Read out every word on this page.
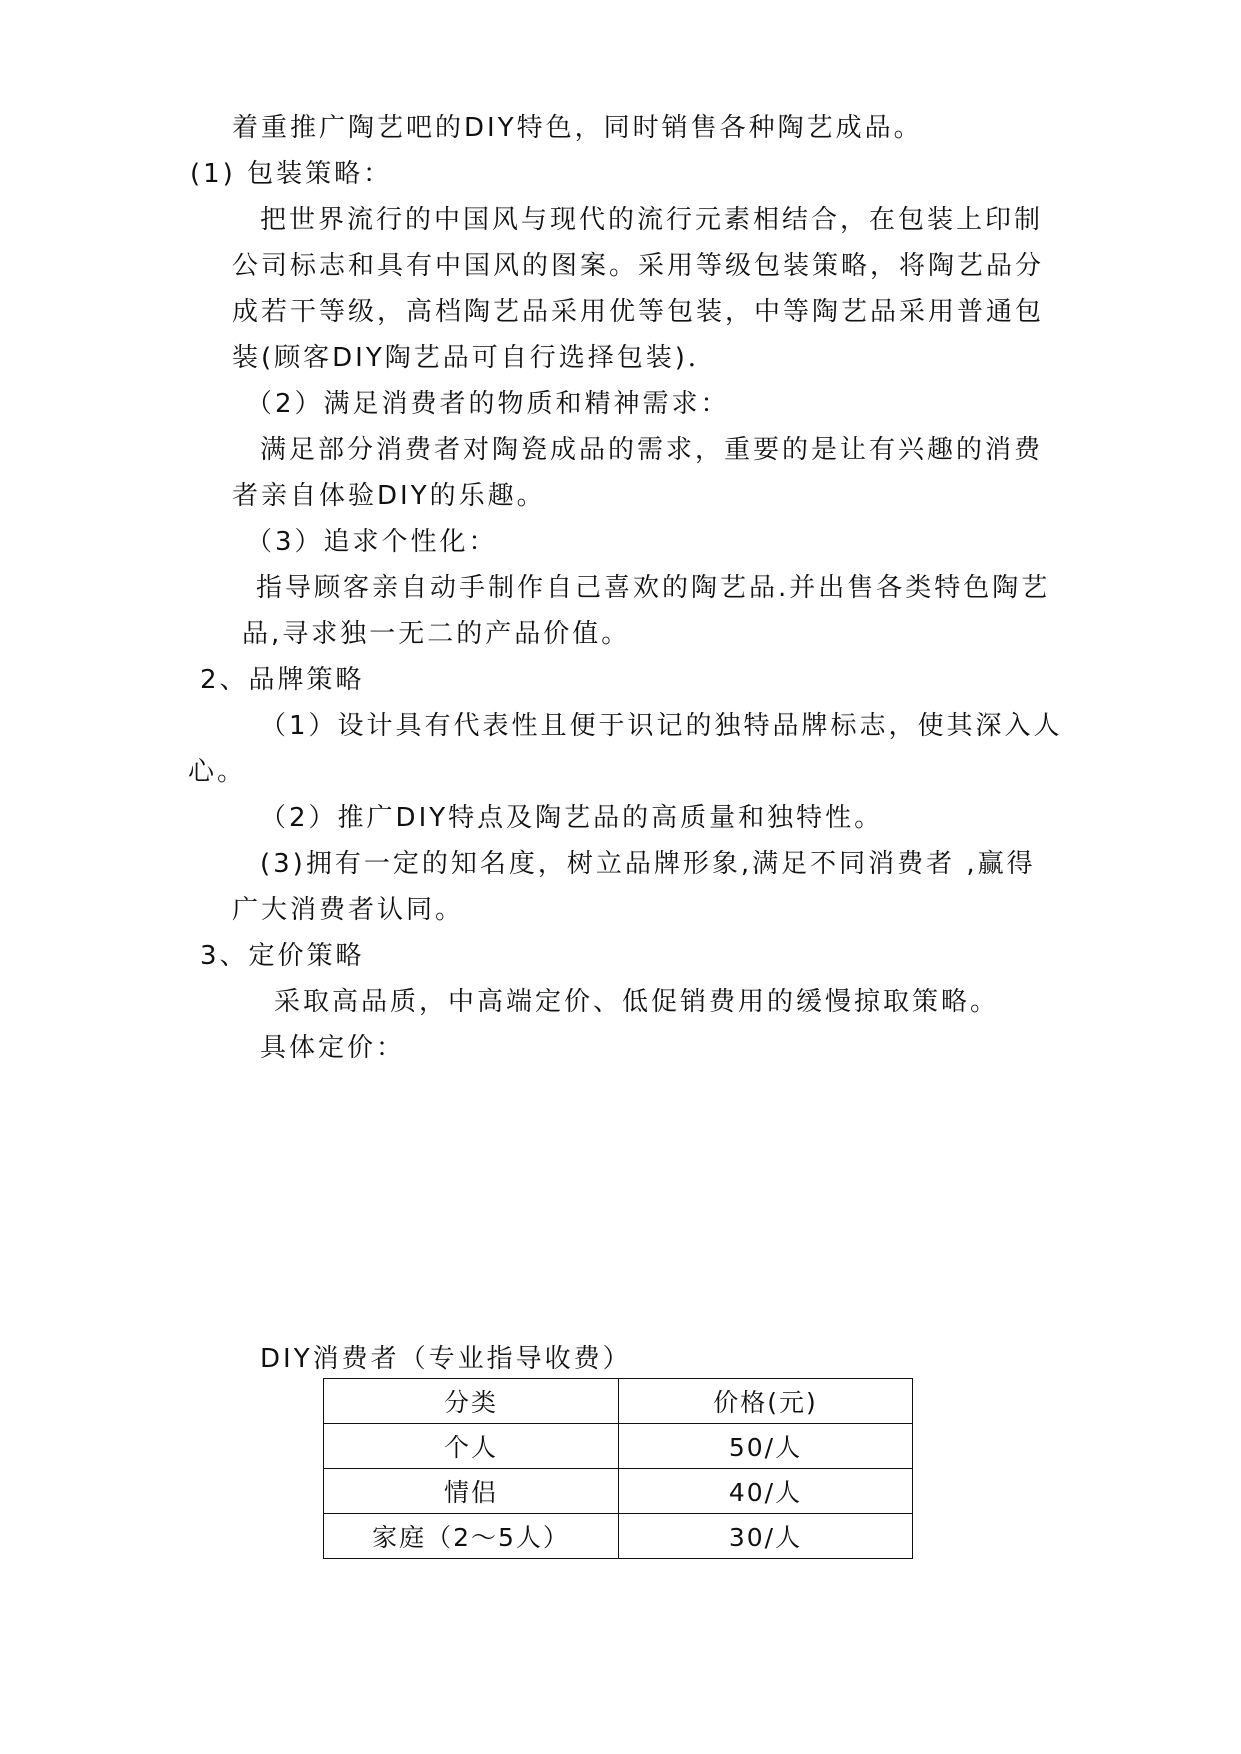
着重推广陶艺吧的DIY特色，同时销售各种陶艺成品。
(1) 包装策略：
把世界流行的中国风与现代的流行元素相结合，在包装上印制
公司标志和具有中国风的图案。采用等级包装策略，将陶艺品分
成若干等级，高档陶艺品采用优等包装，中等陶艺品采用普通包
装(顾客DIY陶艺品可自行选择包装)．
（2）满足消费者的物质和精神需求：
满足部分消费者对陶瓷成品的需求，重要的是让有兴趣的消费
者亲自体验DIY的乐趣。
（3）追求个性化：
指导顾客亲自动手制作自己喜欢的陶艺品.并出售各类特色陶艺
品,寻求独一无二的产品价值。
2、品牌策略
（1）设计具有代表性且便于识记的独特品牌标志，使其深入人
心。
（2）推广DIY特点及陶艺品的高质量和独特性。
(3)拥有一定的知名度，树立品牌形象,满足不同消费者 ,赢得
广大消费者认同。
3、定价策略
采取高品质，中高端定价、低促销费用的缓慢掠取策略。
具体定价：
DIY消费者（专业指导收费）
分类	价格(元)
个人	50/人
情侣	40/人
家庭（2～5人）	30/人
